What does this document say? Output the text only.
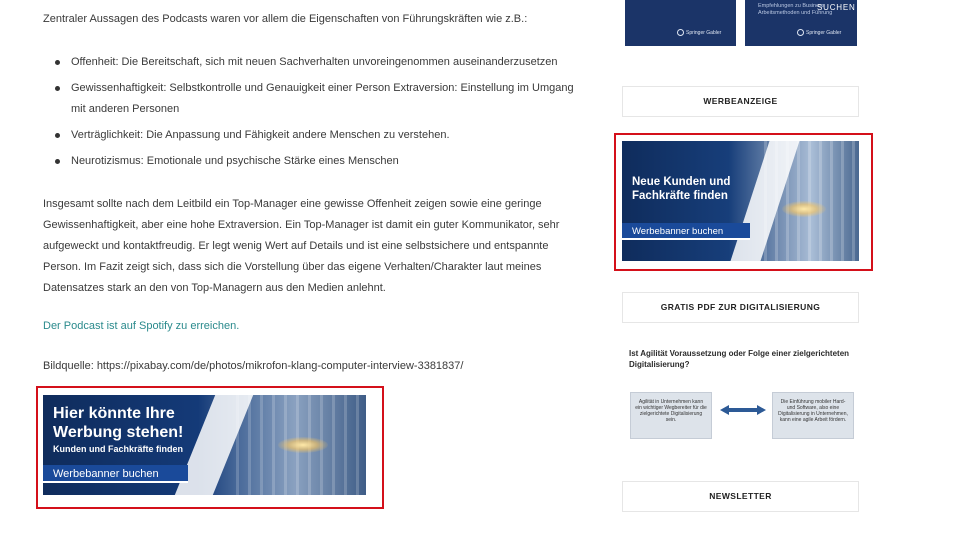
Zentraler Aussagen des Podcasts waren vor allem die Eigenschaften von Führungskräften wie z.B.:

Offenheit: Die Bereitschaft, sich mit neuen Sachverhalten unvoreingenommen auseinanderzusetzen
Gewissenhaftigkeit: Selbstkontrolle und Genauigkeit einer Person Extraversion: Einstellung im Umgang mit anderen Personen
Verträglichkeit: Die Anpassung und Fähigkeit andere Menschen zu verstehen.
Neurotizismus: Emotionale und psychische Stärke eines Menschen

Insgesamt sollte nach dem Leitbild ein Top-Manager eine gewisse Offenheit zeigen sowie eine geringe Gewissenhaftigkeit, aber eine hohe Extraversion. Ein Top-Manager ist damit ein guter Kommunikator, sehr aufgeweckt und kontaktfreudig. Er legt wenig Wert auf Details und ist eine selbstsichere und entspannte Person. Im Fazit zeigt sich, dass sich die Vorstellung über das eigene Verhalten/Charakter laut meines Datensatzes stark an den von Top-Managern aus den Medien anlehnt.

Der Podcast ist auf Spotify zu erreichen.

Bildquelle: https://pixabay.com/de/photos/mikrofon-klang-computer-interview-3381837/

Hier könnte Ihre Werbung stehen!
Kunden und Fachkräfte finden
Werbebanner buchen
Springer Gabler
Empfehlungen zu Business Arbeitsmethoden und Führung
Springer Gabler
SUCHEN
WERBEANZEIGE
Neue Kunden und Fachkräfte finden
Werbebanner buchen
GRATIS PDF ZUR DIGITALISIERUNG
Ist Agilität Voraussetzung oder Folge einer zielgerichteten Digitalisierung?
Agilität in Unternehmen kann ein wichtiger Wegbereiter für die zielgerichtete Digitalisierung sein.
Die Einführung mobiler Hard- und Software, also eine Digitalisierung in Unternehmen, kann eine agile Arbeit fördern.
NEWSLETTER
